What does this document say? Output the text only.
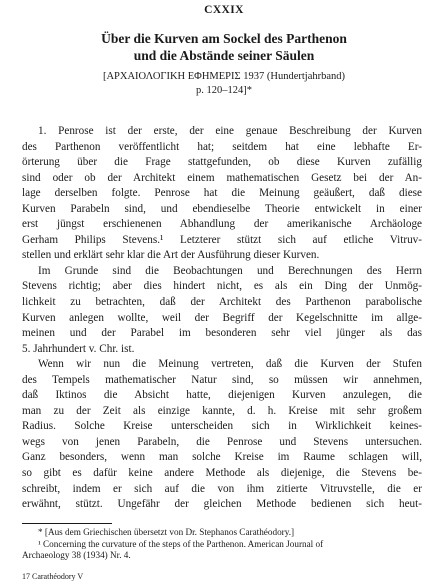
CXXIX
Über die Kurven am Sockel des Parthenon
und die Abstände seiner Säulen
[ΑΡΧΑΙΟΛΟΓΙΚΗ ΕΦΗΜΕΡΙΣ 1937 (Hundertjahrband)
p. 120–124]*
1. Penrose ist der erste, der eine genaue Beschreibung der Kurven
des Parthenon veröffentlicht hat; seitdem hat eine lebhafte Er-
örterung über die Frage stattgefunden, ob diese Kurven zufällig
sind oder ob der Architekt einem mathematischen Gesetz bei der An-
lage derselben folgte. Penrose hat die Meinung geäußert, daß diese
Kurven Parabeln sind, und ebendieselbe Theorie entwickelt in einer
erst jüngst erschienenen Abhandlung der amerikanische Archäologe
Gerham Philips Stevens.¹ Letzterer stützt sich auf etliche Vitruv-
stellen und erklärt sehr klar die Art der Ausführung dieser Kurven.
Im Grunde sind die Beobachtungen und Berechnungen des Herrn
Stevens richtig; aber dies hindert nicht, es als ein Ding der Unmög-
lichkeit zu betrachten, daß der Architekt des Parthenon parabolische
Kurven anlegen wollte, weil der Begriff der Kegelschnitte im allge-
meinen und der Parabel im besonderen sehr viel jünger als das
5. Jahrhundert v. Chr. ist.
Wenn wir nun die Meinung vertreten, daß die Kurven der Stufen
des Tempels mathematischer Natur sind, so müssen wir annehmen,
daß Iktinos die Absicht hatte, diejenigen Kurven anzulegen, die
man zu der Zeit als einzige kannte, d. h. Kreise mit sehr großem
Radius. Solche Kreise unterscheiden sich in Wirklichkeit keines-
wegs von jenen Parabeln, die Penrose und Stevens untersuchen.
Ganz besonders, wenn man solche Kreise im Raume schlagen will,
so gibt es dafür keine andere Methode als diejenige, die Stevens be-
schreibt, indem er sich auf die von ihm zitierte Vitruvstelle, die er
erwähnt, stützt. Ungefähr der gleichen Methode bedienen sich heut-
* [Aus dem Griechischen übersetzt von Dr. Stephanos Carathéodory.]
¹ Concerning the curvature of the steps of the Parthenon. American Journal of
Archaeology 38 (1934) Nr. 4.
17 Carathéodory V
